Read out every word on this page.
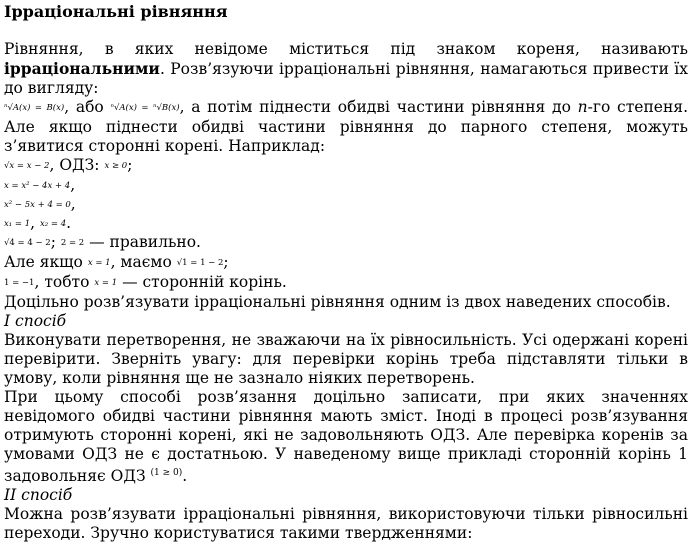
Ірраціональні рівняння

Рівняння, в яких невідоме міститься під знаком кореня, називають ірраціональними. Розв’язуючи ірраціональні рівняння, намагаються привести їх до вигляду:
ⁿ√A(x) = B(x), або ⁿ√A(x) = ⁿ√B(x), а потім піднести обидві частини рівняння до n-го степеня. Але якщо піднести обидві частини рівняння до парного степеня, можуть з’явитися сторонні корені. Наприклад:

√x = x − 2, ОДЗ: x ≥ 0;
x = x² − 4x + 4,
x² − 5x + 4 = 0,
x₁ = 1, x₂ = 4.
√4 = 4 − 2; 2 = 2 — правильно.
Але якщо x = 1, маємо √1 = 1 − 2;
1 = −1, тобто x = 1 — сторонній корінь.

Доцільно розв’язувати ірраціональні рівняння одним із двох наведених способів.

I спосіб

Виконувати перетворення, не зважаючи на їх рівносильність. Усі одержані корені перевірити. Зверніть увагу: для перевірки корінь треба підставляти тільки в умову, коли рівняння ще не зазнало ніяких перетворень.

При цьому способі розв’язання доцільно записати, при яких значеннях невідомого обидві частини рівняння мають зміст. Іноді в процесі розв’язування отримують сторонні корені, які не задовольняють ОДЗ. Але перевірка коренів за умовами ОДЗ не є достатньою. У наведеному вище прикладі сторонній корінь 1 задовольняє ОДЗ $^{(1 \ge 0)}$.

II спосіб

Можна розв’язувати ірраціональні рівняння, використовуючи тільки рівносильні переходи. Зручно користуватися такими твердженнями:
